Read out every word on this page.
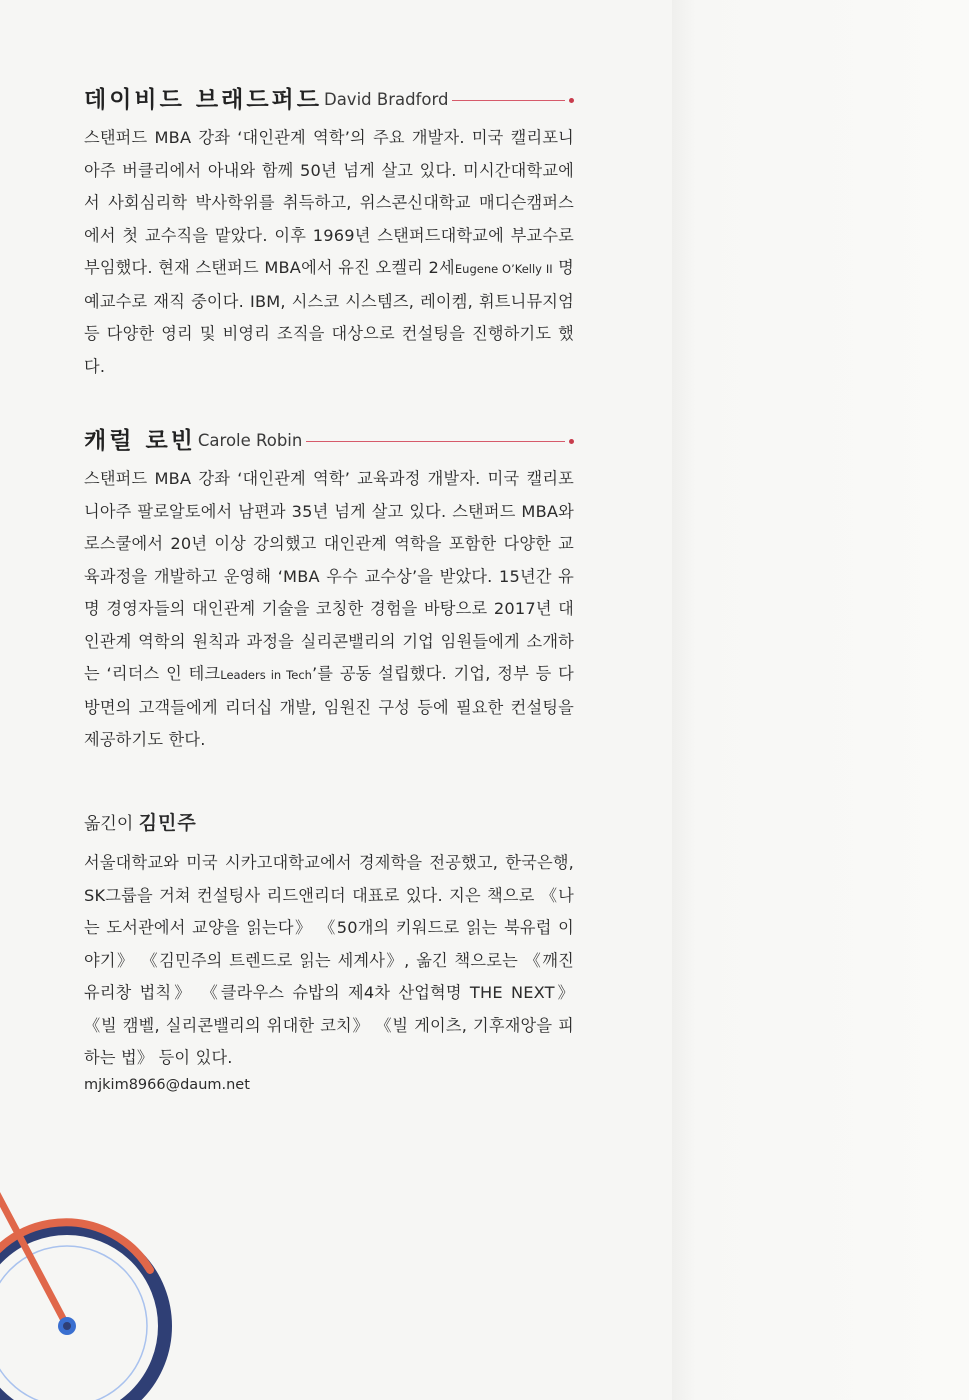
데이비드 브래드퍼드 David Bradford

스탠퍼드 MBA 강좌 ‘대인관계 역학’의 주요 개발자. 미국 캘리포니아주 버클리에서 아내와 함께 50년 넘게 살고 있다. 미시간대학교에서 사회심리학 박사학위를 취득하고, 위스콘신대학교 매디슨캠퍼스에서 첫 교수직을 맡았다. 이후 1969년 스탠퍼드대학교에 부교수로 부임했다. 현재 스탠퍼드 MBA에서 유진 오켈리 2세Eugene O’Kelly II 명예교수로 재직 중이다. IBM, 시스코 시스템즈, 레이켐, 휘트니뮤지엄 등 다양한 영리 및 비영리 조직을 대상으로 컨설팅을 진행하기도 했다.

캐럴 로빈 Carole Robin

스탠퍼드 MBA 강좌 ‘대인관계 역학’ 교육과정 개발자. 미국 캘리포니아주 팔로알토에서 남편과 35년 넘게 살고 있다. 스탠퍼드 MBA와 로스쿨에서 20년 이상 강의했고 대인관계 역학을 포함한 다양한 교육과정을 개발하고 운영해 ‘MBA 우수 교수상’을 받았다. 15년간 유명 경영자들의 대인관계 기술을 코칭한 경험을 바탕으로 2017년 대인관계 역학의 원칙과 과정을 실리콘밸리의 기업 임원들에게 소개하는 ‘리더스 인 테크Leaders in Tech’를 공동 설립했다. 기업, 정부 등 다방면의 고객들에게 리더십 개발, 임원진 구성 등에 필요한 컨설팅을 제공하기도 한다.

옮긴이 김민주

서울대학교와 미국 시카고대학교에서 경제학을 전공했고, 한국은행, SK그룹을 거쳐 컨설팅사 리드앤리더 대표로 있다. 지은 책으로 《나는 도서관에서 교양을 읽는다》 《50개의 키워드로 읽는 북유럽 이야기》 《김민주의 트렌드로 읽는 세계사》, 옮긴 책으로는 《깨진 유리창 법칙》 《클라우스 슈밥의 제4차 산업혁명 THE NEXT》 《빌 캠벨, 실리콘밸리의 위대한 코치》 《빌 게이츠, 기후재앙을 피하는 법》 등이 있다.

mjkim8966@daum.net
